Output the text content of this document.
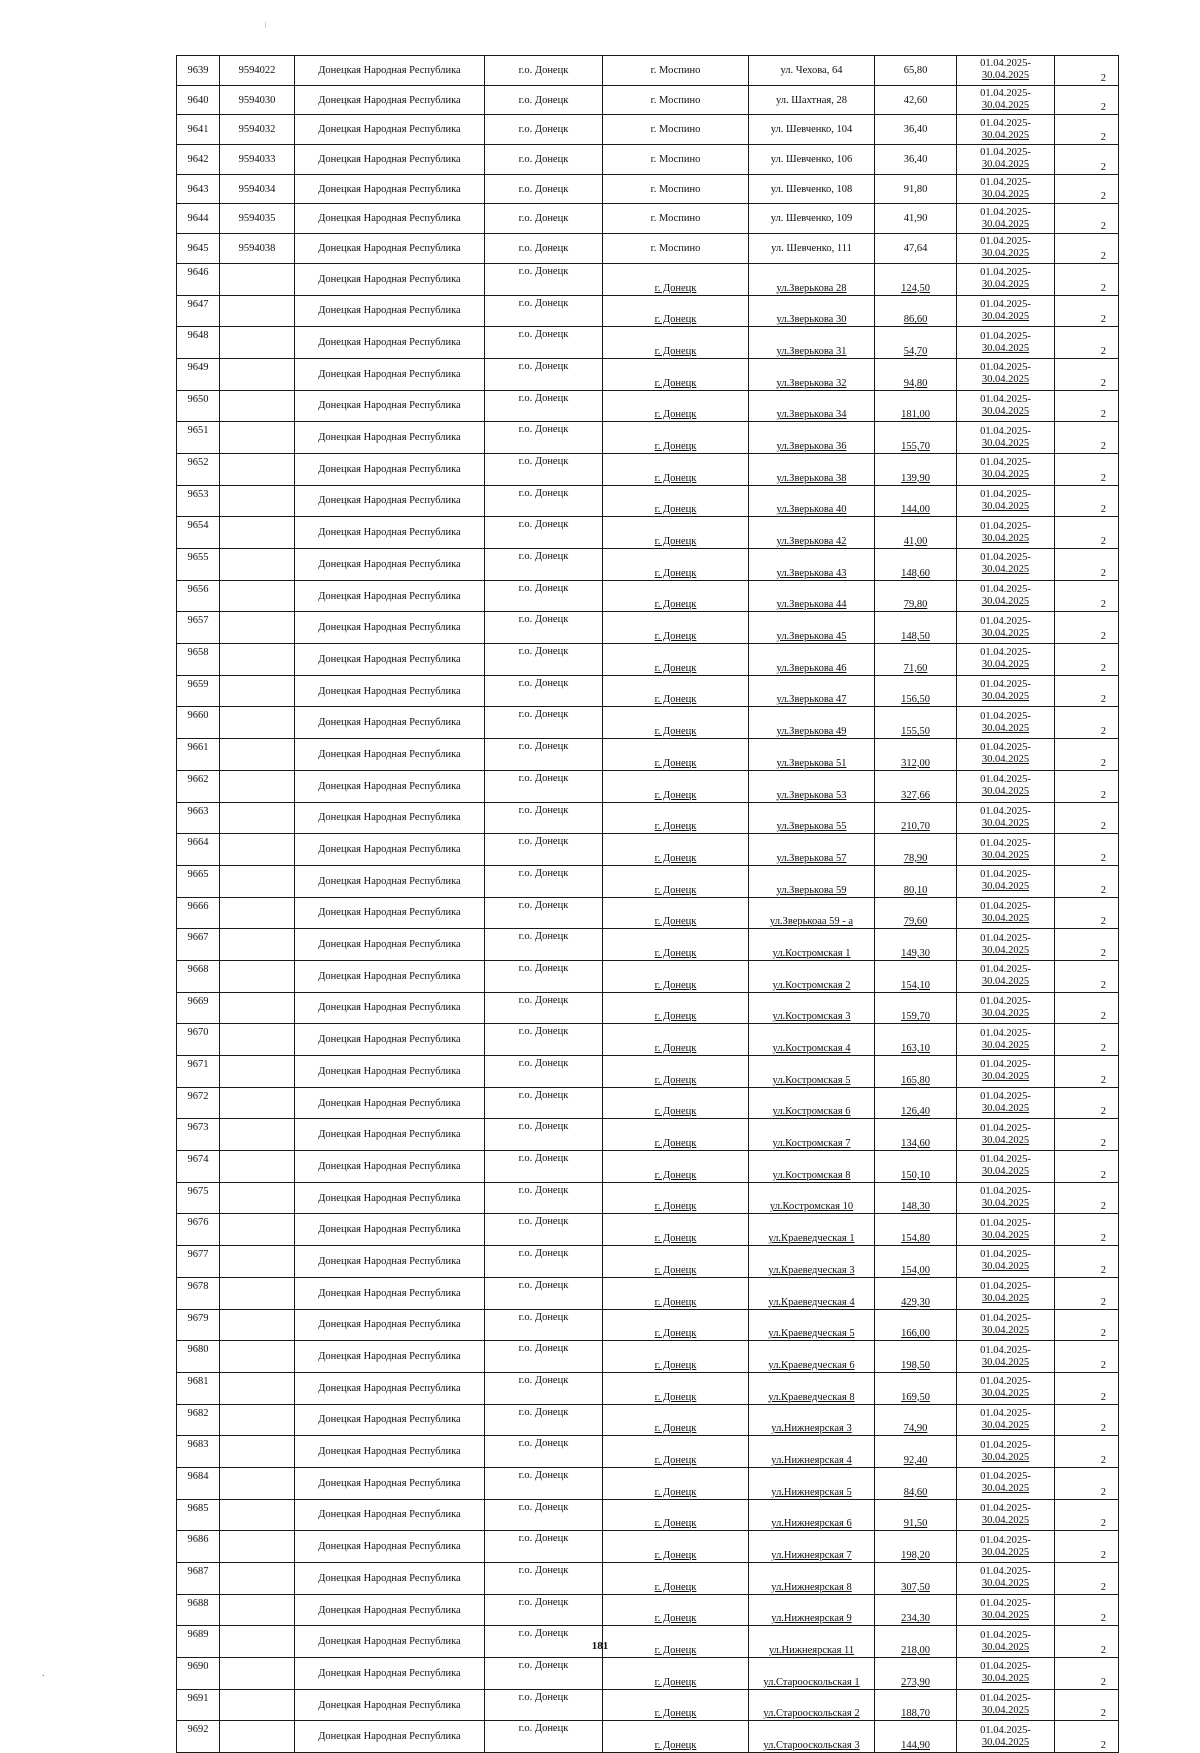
9639	9594022	Донецкая Народная Республика	г.о. Донецк	г. Моспино	ул. Чехова, 64	65,80	01.04.2025-
30.04.2025	2
9640	9594030	Донецкая Народная Республика	г.о. Донецк	г. Моспино	ул. Шахтная, 28	42,60	01.04.2025-
30.04.2025	2
9641	9594032	Донецкая Народная Республика	г.о. Донецк	г. Моспино	ул. Шевченко, 104	36,40	01.04.2025-
30.04.2025	2
9642	9594033	Донецкая Народная Республика	г.о. Донецк	г. Моспино	ул. Шевченко, 106	36,40	01.04.2025-
30.04.2025	2
9643	9594034	Донецкая Народная Республика	г.о. Донецк	г. Моспино	ул. Шевченко, 108	91,80	01.04.2025-
30.04.2025	2
9644	9594035	Донецкая Народная Республика	г.о. Донецк	г. Моспино	ул. Шевченко, 109	41,90	01.04.2025-
30.04.2025	2
9645	9594038	Донецкая Народная Республика	г.о. Донецк	г. Моспино	ул. Шевченко, 111	47,64	01.04.2025-
30.04.2025	2
9646		Донецкая Народная Республика	г.о. Донецк	г. Донецк	ул.Зверькова 28	124,50	01.04.2025-
30.04.2025	2
9647		Донецкая Народная Республика	г.о. Донецк	г. Донецк	ул.Зверькова 30	86,60	01.04.2025-
30.04.2025	2
9648		Донецкая Народная Республика	г.о. Донецк	г. Донецк	ул.Зверькова 31	54,70	01.04.2025-
30.04.2025	2
9649		Донецкая Народная Республика	г.о. Донецк	г. Донецк	ул.Зверькова 32	94,80	01.04.2025-
30.04.2025	2
9650		Донецкая Народная Республика	г.о. Донецк	г. Донецк	ул.Зверькова 34	181,00	01.04.2025-
30.04.2025	2
9651		Донецкая Народная Республика	г.о. Донецк	г. Донецк	ул.Зверькова 36	155,70	01.04.2025-
30.04.2025	2
9652		Донецкая Народная Республика	г.о. Донецк	г. Донецк	ул.Зверькова 38	139,90	01.04.2025-
30.04.2025	2
9653		Донецкая Народная Республика	г.о. Донецк	г. Донецк	ул.Зверькова 40	144,00	01.04.2025-
30.04.2025	2
9654		Донецкая Народная Республика	г.о. Донецк	г. Донецк	ул.Зверькова 42	41,00	01.04.2025-
30.04.2025	2
9655		Донецкая Народная Республика	г.о. Донецк	г. Донецк	ул.Зверькова 43	148,60	01.04.2025-
30.04.2025	2
9656		Донецкая Народная Республика	г.о. Донецк	г. Донецк	ул.Зверькова 44	79,80	01.04.2025-
30.04.2025	2
9657		Донецкая Народная Республика	г.о. Донецк	г. Донецк	ул.Зверькова 45	148,50	01.04.2025-
30.04.2025	2
9658		Донецкая Народная Республика	г.о. Донецк	г. Донецк	ул.Зверькова 46	71,60	01.04.2025-
30.04.2025	2
9659		Донецкая Народная Республика	г.о. Донецк	г. Донецк	ул.Зверькова 47	156,50	01.04.2025-
30.04.2025	2
9660		Донецкая Народная Республика	г.о. Донецк	г. Донецк	ул.Зверькова 49	155,50	01.04.2025-
30.04.2025	2
9661		Донецкая Народная Республика	г.о. Донецк	г. Донецк	ул.Зверькова 51	312,00	01.04.2025-
30.04.2025	2
9662		Донецкая Народная Республика	г.о. Донецк	г. Донецк	ул.Зверькова 53	327,66	01.04.2025-
30.04.2025	2
9663		Донецкая Народная Республика	г.о. Донецк	г. Донецк	ул.Зверькова 55	210,70	01.04.2025-
30.04.2025	2
9664		Донецкая Народная Республика	г.о. Донецк	г. Донецк	ул.Зверькова 57	78,90	01.04.2025-
30.04.2025	2
9665		Донецкая Народная Республика	г.о. Донецк	г. Донецк	ул.Зверькова 59	80,10	01.04.2025-
30.04.2025	2
9666		Донецкая Народная Республика	г.о. Донецк	г. Донецк	ул.Зверькоаа 59 - а	79,60	01.04.2025-
30.04.2025	2
9667		Донецкая Народная Республика	г.о. Донецк	г. Донецк	ул.Костромская 1	149,30	01.04.2025-
30.04.2025	2
9668		Донецкая Народная Республика	г.о. Донецк	г. Донецк	ул.Костромская 2	154,10	01.04.2025-
30.04.2025	2
9669		Донецкая Народная Республика	г.о. Донецк	г. Донецк	ул.Костромская 3	159,70	01.04.2025-
30.04.2025	2
9670		Донецкая Народная Республика	г.о. Донецк	г. Донецк	ул.Костромская 4	163,10	01.04.2025-
30.04.2025	2
9671		Донецкая Народная Республика	г.о. Донецк	г. Донецк	ул.Костромская 5	165,80	01.04.2025-
30.04.2025	2
9672		Донецкая Народная Республика	г.о. Донецк	г. Донецк	ул.Костромская 6	126,40	01.04.2025-
30.04.2025	2
9673		Донецкая Народная Республика	г.о. Донецк	г. Донецк	ул.Костромская 7	134,60	01.04.2025-
30.04.2025	2
9674		Донецкая Народная Республика	г.о. Донецк	г. Донецк	ул.Костромская 8	150,10	01.04.2025-
30.04.2025	2
9675		Донецкая Народная Республика	г.о. Донецк	г. Донецк	ул.Костромская 10	148,30	01.04.2025-
30.04.2025	2
9676		Донецкая Народная Республика	г.о. Донецк	г. Донецк	ул.Краеведческая 1	154,80	01.04.2025-
30.04.2025	2
9677		Донецкая Народная Республика	г.о. Донецк	г. Донецк	ул.Краеведческая 3	154,00	01.04.2025-
30.04.2025	2
9678		Донецкая Народная Республика	г.о. Донецк	г. Донецк	ул.Краеведческая 4	429,30	01.04.2025-
30.04.2025	2
9679		Донецкая Народная Республика	г.о. Донецк	г. Донецк	ул.Краеведческая 5	166,00	01.04.2025-
30.04.2025	2
9680		Донецкая Народная Республика	г.о. Донецк	г. Донецк	ул.Краеведческая 6	198,50	01.04.2025-
30.04.2025	2
9681		Донецкая Народная Республика	г.о. Донецк	г. Донецк	ул.Краеведческая 8	169,50	01.04.2025-
30.04.2025	2
9682		Донецкая Народная Республика	г.о. Донецк	г. Донецк	ул.Нижнеярская 3	74,90	01.04.2025-
30.04.2025	2
9683		Донецкая Народная Республика	г.о. Донецк	г. Донецк	ул.Нижнеярская 4	92,40	01.04.2025-
30.04.2025	2
9684		Донецкая Народная Республика	г.о. Донецк	г. Донецк	ул.Нижнеярская 5	84,60	01.04.2025-
30.04.2025	2
9685		Донецкая Народная Республика	г.о. Донецк	г. Донецк	ул.Нижнеярская 6	91,50	01.04.2025-
30.04.2025	2
9686		Донецкая Народная Республика	г.о. Донецк	г. Донецк	ул.Нижнеярская 7	198,20	01.04.2025-
30.04.2025	2
9687		Донецкая Народная Республика	г.о. Донецк	г. Донецк	ул.Нижнеярская 8	307,50	01.04.2025-
30.04.2025	2
9688		Донецкая Народная Республика	г.о. Донецк	г. Донецк	ул.Нижнеярская 9	234,30	01.04.2025-
30.04.2025	2
9689		Донецкая Народная Республика	г.о. Донецк	г. Донецк	ул.Нижнеярская 11	218,00	01.04.2025-
30.04.2025	2
9690		Донецкая Народная Республика	г.о. Донецк	г. Донецк	ул.Старооскольская 1	273,90	01.04.2025-
30.04.2025	2
9691		Донецкая Народная Республика	г.о. Донецк	г. Донецк	ул.Старооскольская 2	188,70	01.04.2025-
30.04.2025	2
9692		Донецкая Народная Республика	г.о. Донецк	г. Донецк	ул.Старооскольская 3	144,90	01.04.2025-
30.04.2025	2
181
.
